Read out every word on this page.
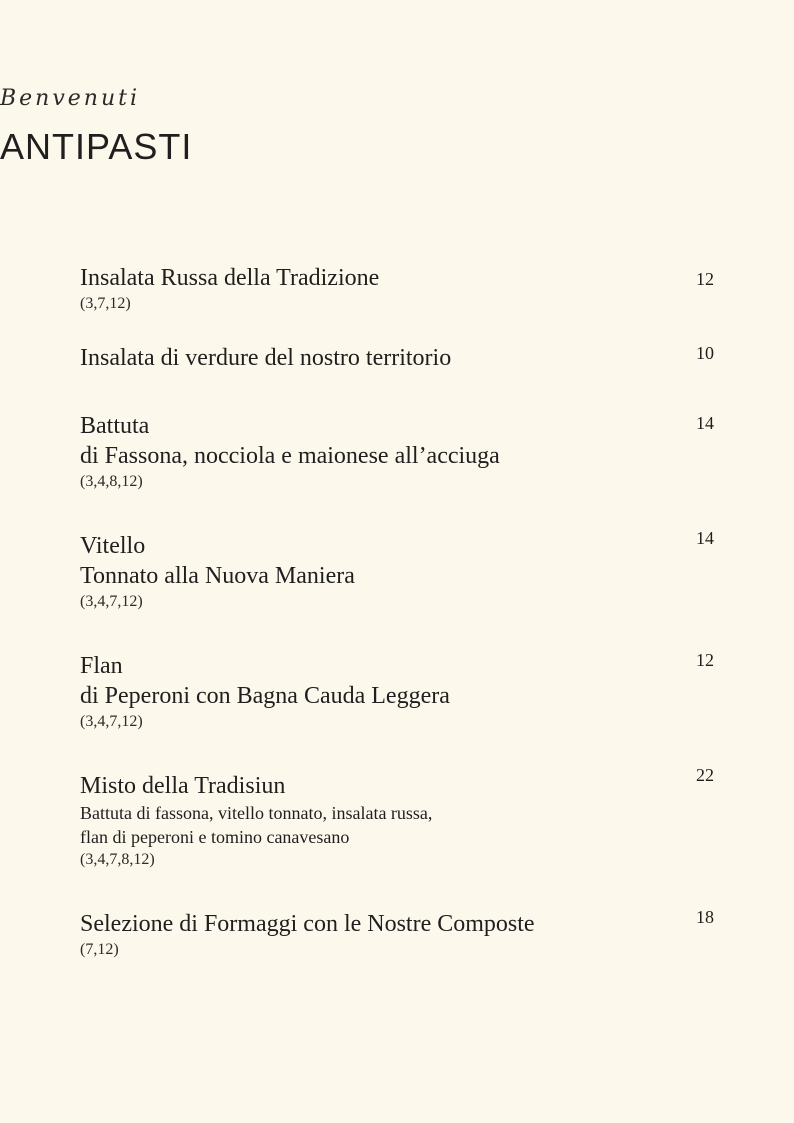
Benvenuti
ANTIPASTI
Insalata Russa della Tradizione
(3,7,12)
12
Insalata di verdure del nostro territorio	10
Battuta
di Fassona, nocciola e maionese all’acciuga
(3,4,8,12)
14
Vitello
Tonnato alla Nuova Maniera
(3,4,7,12)
14
Flan
di Peperoni con Bagna Cauda Leggera
(3,4,7,12)
12
Misto della Tradisiun
Battuta di fassona, vitello tonnato, insalata russa,
flan di peperoni e tomino canavesano
(3,4,7,8,12)
22
Selezione di Formaggi con le Nostre Composte
(7,12)
18
